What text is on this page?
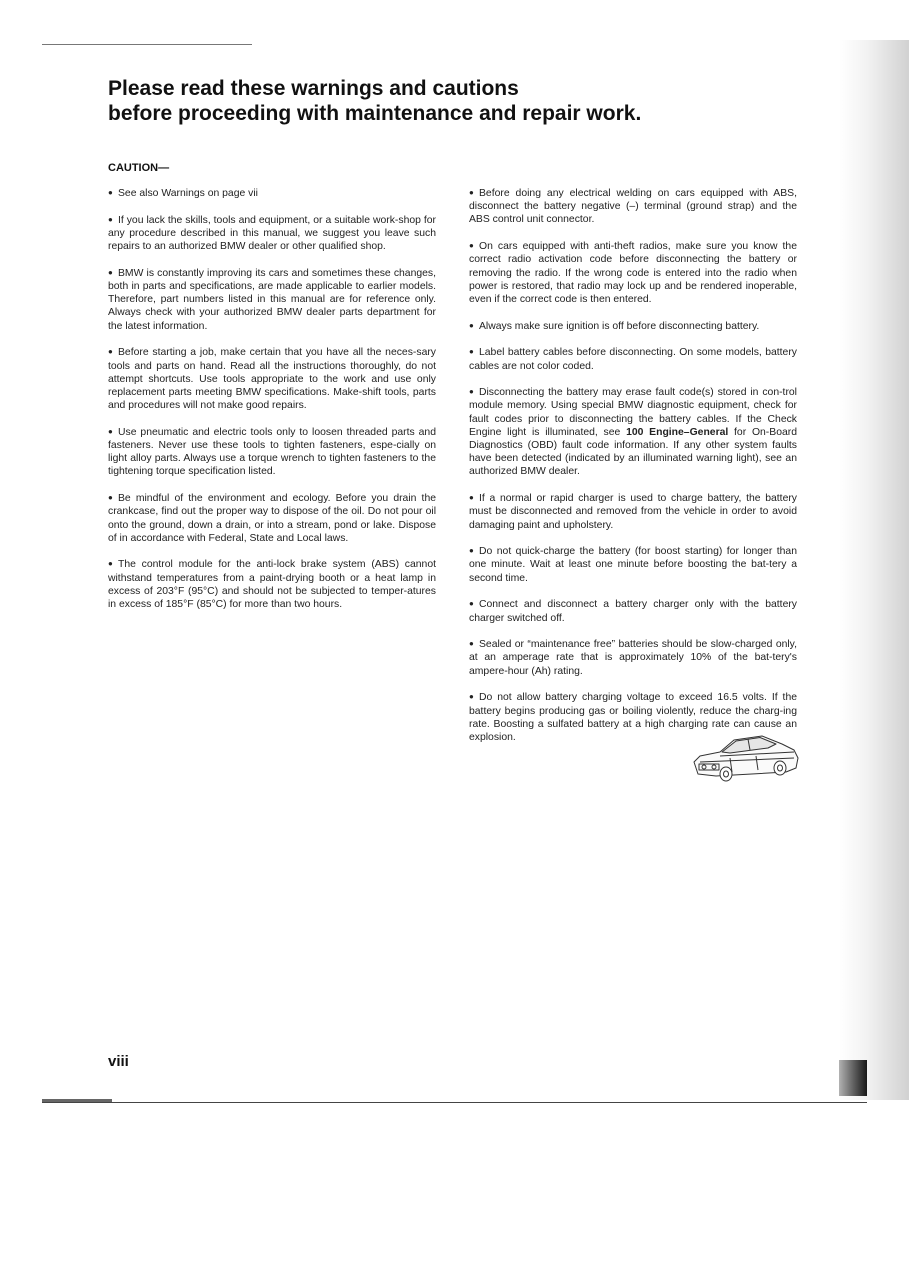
Please read these warnings and cautions
before proceeding with maintenance and repair work.

CAUTION—

● See also Warnings on page vii

● If you lack the skills, tools and equipment, or a suitable work-shop for any procedure described in this manual, we suggest you leave such repairs to an authorized BMW dealer or other qualified shop.

● BMW is constantly improving its cars and sometimes these changes, both in parts and specifications, are made applicable to earlier models. Therefore, part numbers listed in this manual are for reference only. Always check with your authorized BMW dealer parts department for the latest information.

● Before starting a job, make certain that you have all the neces-sary tools and parts on hand. Read all the instructions thoroughly, do not attempt shortcuts. Use tools appropriate to the work and use only replacement parts meeting BMW specifications. Make-shift tools, parts and procedures will not make good repairs.

● Use pneumatic and electric tools only to loosen threaded parts and fasteners. Never use these tools to tighten fasteners, espe-cially on light alloy parts. Always use a torque wrench to tighten fasteners to the tightening torque specification listed.

● Be mindful of the environment and ecology. Before you drain the crankcase, find out the proper way to dispose of the oil. Do not pour oil onto the ground, down a drain, or into a stream, pond or lake. Dispose of in accordance with Federal, State and Local laws.

● The control module for the anti-lock brake system (ABS) cannot withstand temperatures from a paint-drying booth or a heat lamp in excess of 203°F (95°C) and should not be subjected to temper-atures in excess of 185°F (85°C) for more than two hours.

● Before doing any electrical welding on cars equipped with ABS, disconnect the battery negative (–) terminal (ground strap) and the ABS control unit connector.

● On cars equipped with anti-theft radios, make sure you know the correct radio activation code before disconnecting the battery or removing the radio. If the wrong code is entered into the radio when power is restored, that radio may lock up and be rendered inoperable, even if the correct code is then entered.

● Always make sure ignition is off before disconnecting battery.

● Label battery cables before disconnecting. On some models, battery cables are not color coded.

● Disconnecting the battery may erase fault code(s) stored in con-trol module memory. Using special BMW diagnostic equipment, check for fault codes prior to disconnecting the battery cables. If the Check Engine light is illuminated, see 100 Engine–General for On-Board Diagnostics (OBD) fault code information. If any other system faults have been detected (indicated by an illuminated warning light), see an authorized BMW dealer.

● If a normal or rapid charger is used to charge battery, the battery must be disconnected and removed from the vehicle in order to avoid damaging paint and upholstery.

● Do not quick-charge the battery (for boost starting) for longer than one minute. Wait at least one minute before boosting the bat-tery a second time.

● Connect and disconnect a battery charger only with the battery charger switched off.

● Sealed or “maintenance free” batteries should be slow-charged only, at an amperage rate that is approximately 10% of the bat-tery's ampere-hour (Ah) rating.

● Do not allow battery charging voltage to exceed 16.5 volts. If the battery begins producing gas or boiling violently, reduce the charg-ing rate. Boosting a sulfated battery at a high charging rate can cause an explosion.

viii
